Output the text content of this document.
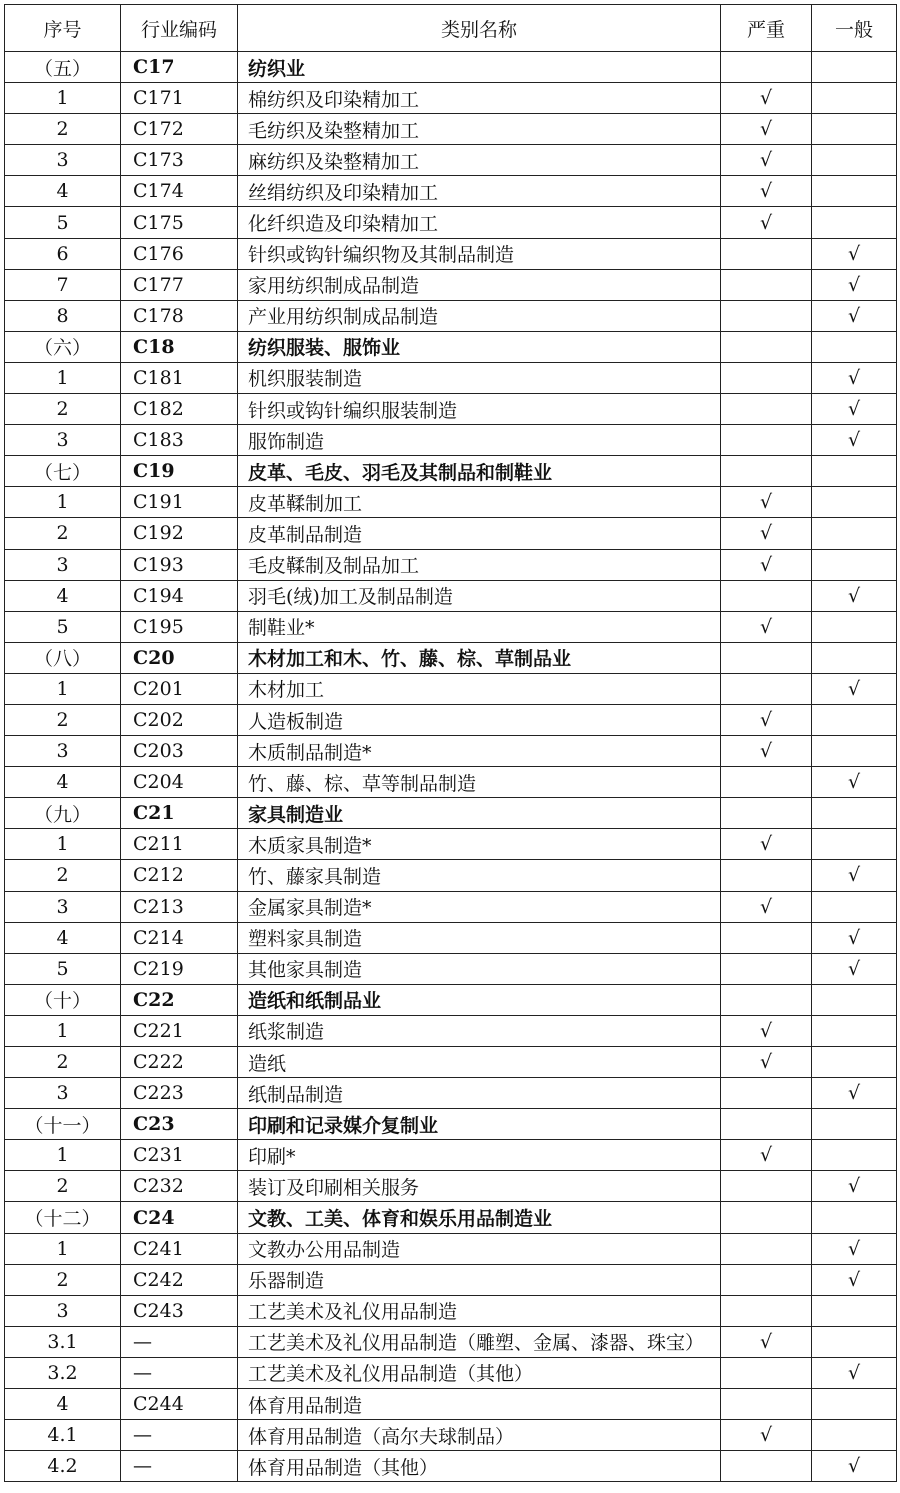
序号	行业编码	类别名称	严重	一般
（五）	C17	纺织业		
1	C171	棉纺织及印染精加工	√	
2	C172	毛纺织及染整精加工	√	
3	C173	麻纺织及染整精加工	√	
4	C174	丝绢纺织及印染精加工	√	
5	C175	化纤织造及印染精加工	√	
6	C176	针织或钩针编织物及其制品制造		√
7	C177	家用纺织制成品制造		√
8	C178	产业用纺织制成品制造		√
（六）	C18	纺织服装、服饰业		
1	C181	机织服装制造		√
2	C182	针织或钩针编织服装制造		√
3	C183	服饰制造		√
（七）	C19	皮革、毛皮、羽毛及其制品和制鞋业		
1	C191	皮革鞣制加工	√	
2	C192	皮革制品制造	√	
3	C193	毛皮鞣制及制品加工	√	
4	C194	羽毛(绒)加工及制品制造		√
5	C195	制鞋业*	√	
（八）	C20	木材加工和木、竹、藤、棕、草制品业		
1	C201	木材加工		√
2	C202	人造板制造	√	
3	C203	木质制品制造*	√	
4	C204	竹、藤、棕、草等制品制造		√
（九）	C21	家具制造业		
1	C211	木质家具制造*	√	
2	C212	竹、藤家具制造		√
3	C213	金属家具制造*	√	
4	C214	塑料家具制造		√
5	C219	其他家具制造		√
（十）	C22	造纸和纸制品业		
1	C221	纸浆制造	√	
2	C222	造纸	√	
3	C223	纸制品制造		√
（十一）	C23	印刷和记录媒介复制业		
1	C231	印刷*	√	
2	C232	装订及印刷相关服务		√
（十二）	C24	文教、工美、体育和娱乐用品制造业		
1	C241	文教办公用品制造		√
2	C242	乐器制造		√
3	C243	工艺美术及礼仪用品制造		
3.1	—	工艺美术及礼仪用品制造（雕塑、金属、漆器、珠宝）	√	
3.2	—	工艺美术及礼仪用品制造（其他）		√
4	C244	体育用品制造		
4.1	—	体育用品制造（高尔夫球制品）	√	
4.2	—	体育用品制造（其他）		√
